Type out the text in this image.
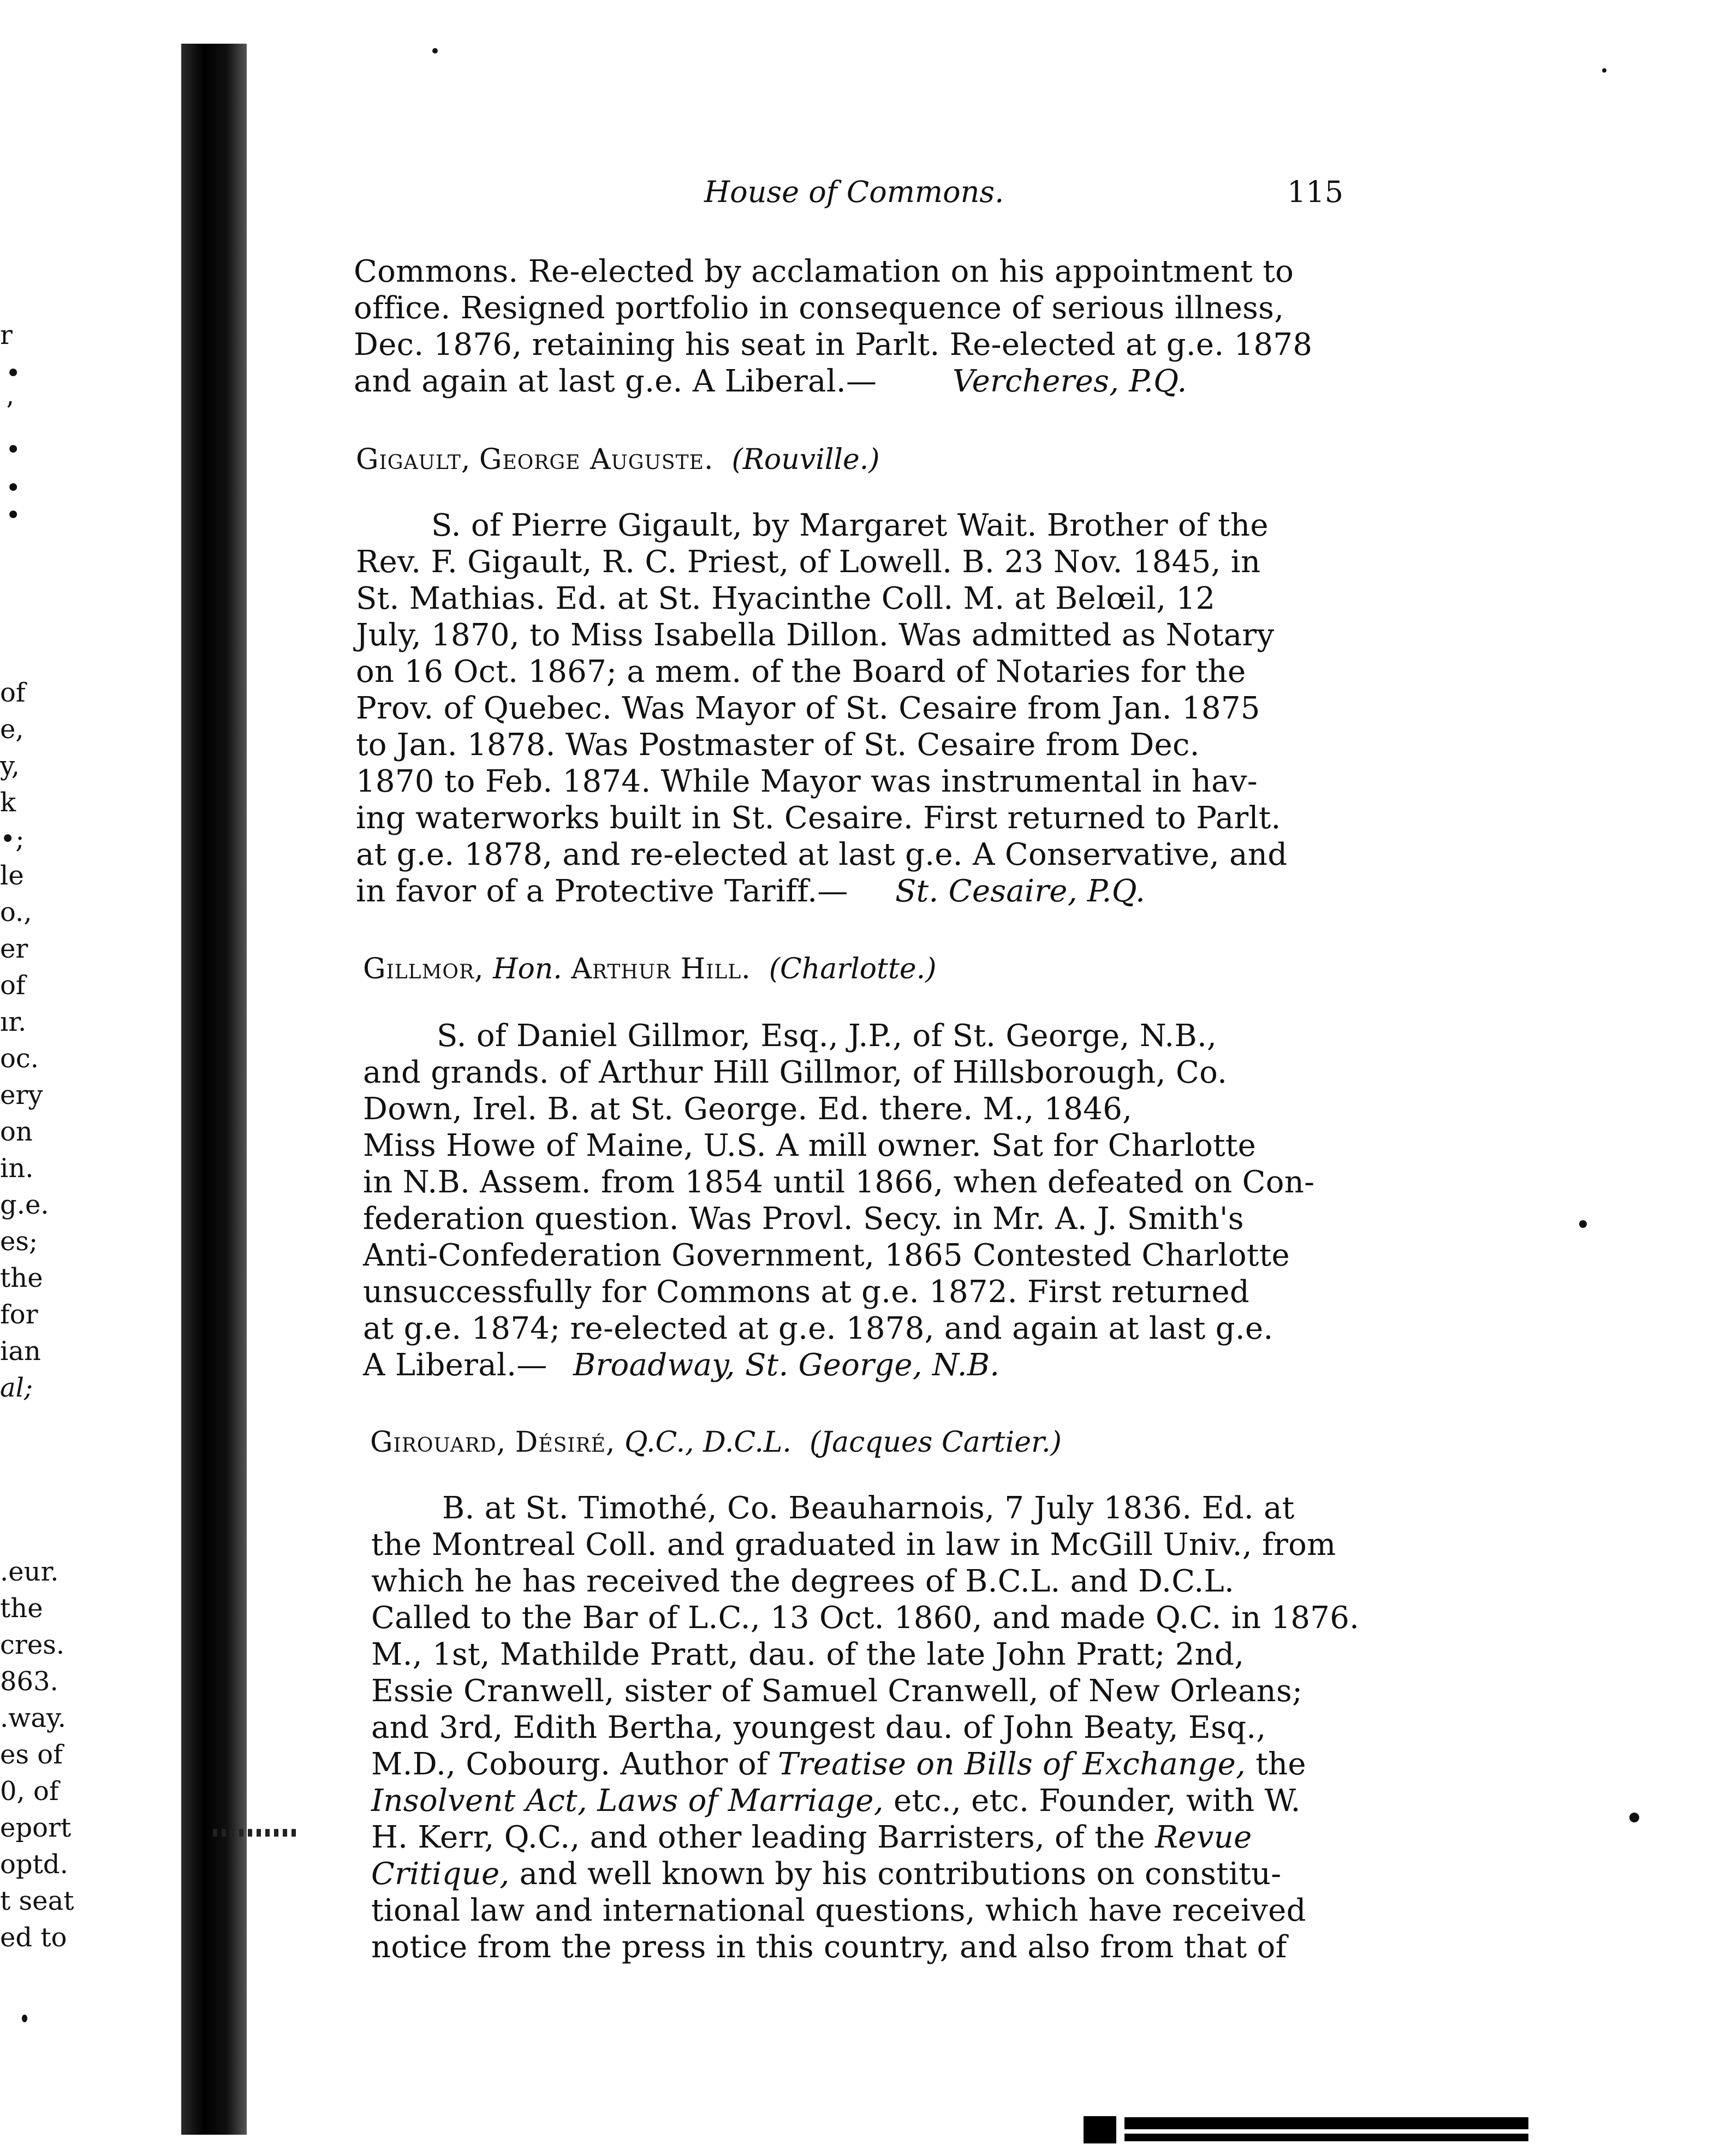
r
•
’
•
•
•
of
e,
y,
k
•;
le
o.,
er
of
ır.
oc.
ery
on
in.
g.e.
es;
the
for
ian
al;
.eur.
the
cres.
863.
.way.
es of
0, of
eport
optd.
t seat
ed to
House of Commons.	115
Commons. Re-elected by acclamation on his appointment to
office. Resigned portfolio in consequence of serious illness,
Dec. 1876, retaining his seat in Parlt. Re-elected at g.e. 1878
and again at last g.e. A Liberal.— Vercheres, P.Q.
Gigault, George Auguste. (Rouville.)
S. of Pierre Gigault, by Margaret Wait. Brother of the
Rev. F. Gigault, R. C. Priest, of Lowell. B. 23 Nov. 1845, in
St. Mathias. Ed. at St. Hyacinthe Coll. M. at Belœil, 12
July, 1870, to Miss Isabella Dillon. Was admitted as Notary
on 16 Oct. 1867; a mem. of the Board of Notaries for the
Prov. of Quebec. Was Mayor of St. Cesaire from Jan. 1875
to Jan. 1878. Was Postmaster of St. Cesaire from Dec.
1870 to Feb. 1874. While Mayor was instrumental in hav-
ing waterworks built in St. Cesaire. First returned to Parlt.
at g.e. 1878, and re-elected at last g.e. A Conservative, and
in favor of a Protective Tariff.— St. Cesaire, P.Q.
Gillmor, Hon. Arthur Hill. (Charlotte.)
S. of Daniel Gillmor, Esq., J.P., of St. George, N.B.,
and grands. of Arthur Hill Gillmor, of Hillsborough, Co.
Down, Irel. B. at St. George. Ed. there. M., 1846,
Miss Howe of Maine, U.S. A mill owner. Sat for Charlotte
in N.B. Assem. from 1854 until 1866, when defeated on Con-
federation question. Was Provl. Secy. in Mr. A. J. Smith's
Anti-Confederation Government, 1865 Contested Charlotte
unsuccessfully for Commons at g.e. 1872. First returned
at g.e. 1874; re-elected at g.e. 1878, and again at last g.e.
A Liberal.— Broadway, St. George, N.B.
Girouard, Désiré, Q.C., D.C.L. (Jacques Cartier.)
B. at St. Timothé, Co. Beauharnois, 7 July 1836. Ed. at
the Montreal Coll. and graduated in law in McGill Univ., from
which he has received the degrees of B.C.L. and D.C.L.
Called to the Bar of L.C., 13 Oct. 1860, and made Q.C. in 1876.
M., 1st, Mathilde Pratt, dau. of the late John Pratt; 2nd,
Essie Cranwell, sister of Samuel Cranwell, of New Orleans;
and 3rd, Edith Bertha, youngest dau. of John Beaty, Esq.,
M.D., Cobourg. Author of Treatise on Bills of Exchange, the
Insolvent Act, Laws of Marriage, etc., etc. Founder, with W.
H. Kerr, Q.C., and other leading Barristers, of the Revue
Critique, and well known by his contributions on constitu-
tional law and international questions, which have received
notice from the press in this country, and also from that of
